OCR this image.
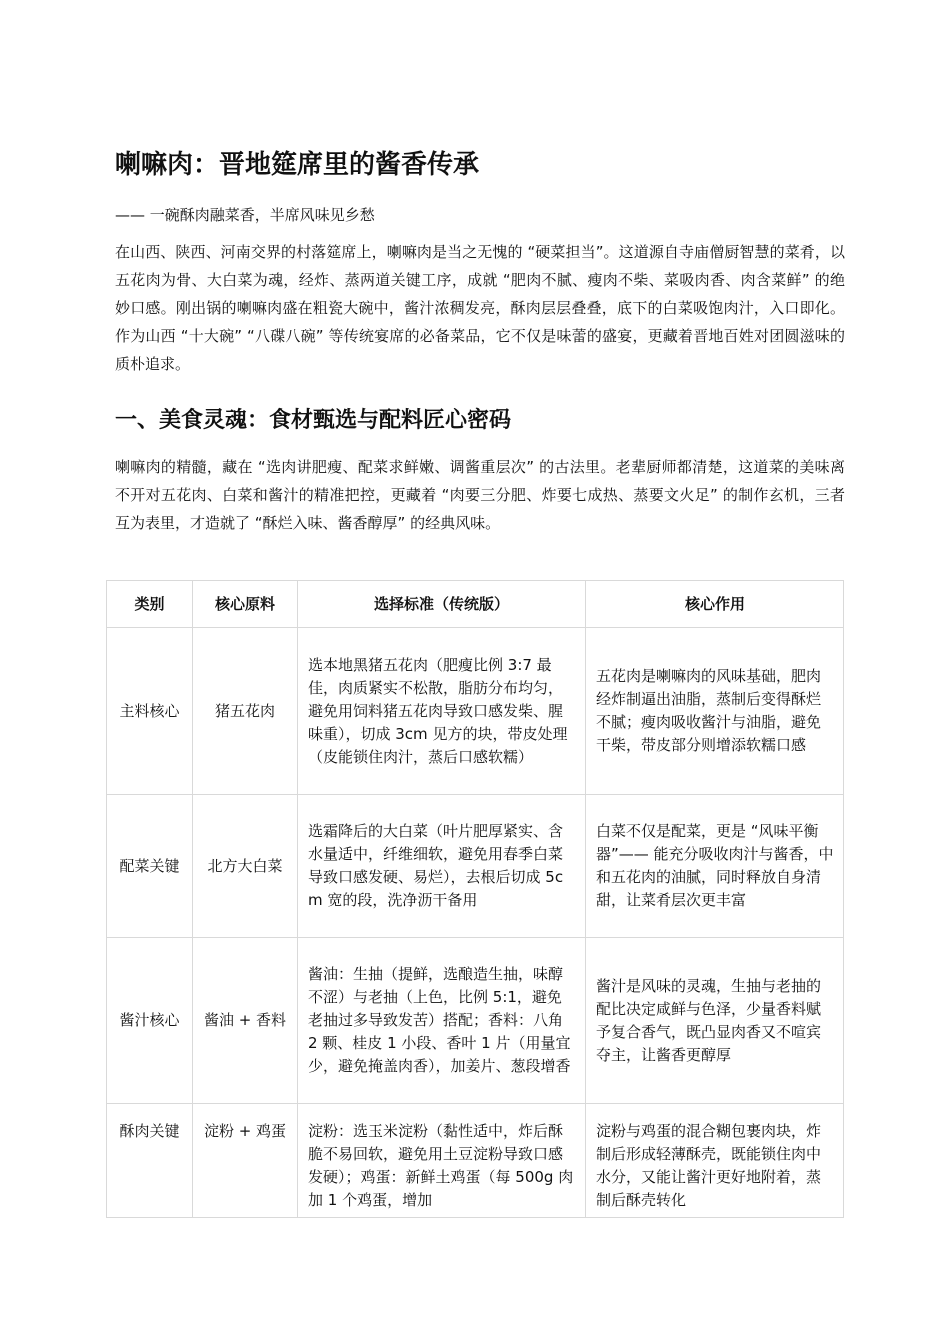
喇嘛肉：晋地筵席里的酱香传承

—— 一碗酥肉融菜香，半席风味见乡愁

在山西、陕西、河南交界的村落筵席上，喇嘛肉是当之无愧的 “硬菜担当”。这道源自寺庙僧厨智慧的菜肴，以五花肉为骨、大白菜为魂，经炸、蒸两道关键工序，成就 “肥肉不腻、瘦肉不柴、菜吸肉香、肉含菜鲜” 的绝妙口感。刚出锅的喇嘛肉盛在粗瓷大碗中，酱汁浓稠发亮，酥肉层层叠叠，底下的白菜吸饱肉汁，入口即化。作为山西 “十大碗” “八碟八碗” 等传统宴席的必备菜品，它不仅是味蕾的盛宴，更藏着晋地百姓对团圆滋味的质朴追求。

一、美食灵魂：食材甄选与配料匠心密码

喇嘛肉的精髓，藏在 “选肉讲肥瘦、配菜求鲜嫩、调酱重层次” 的古法里。老辈厨师都清楚，这道菜的美味离不开对五花肉、白菜和酱汁的精准把控，更藏着 “肉要三分肥、炸要七成热、蒸要文火足” 的制作玄机，三者互为表里，才造就了 “酥烂入味、酱香醇厚” 的经典风味。

类别	核心原料	选择标准（传统版）	核心作用
主料核心	猪五花肉	选本地黑猪五花肉（肥瘦比例 3:7 最佳，肉质紧实不松散，脂肪分布均匀，避免用饲料猪五花肉导致口感发柴、腥味重），切成 3cm 见方的块，带皮处理（皮能锁住肉汁，蒸后口感软糯）	五花肉是喇嘛肉的风味基础，肥肉经炸制逼出油脂，蒸制后变得酥烂不腻；瘦肉吸收酱汁与油脂，避免干柴，带皮部分则增添软糯口感
配菜关键	北方大白菜	选霜降后的大白菜（叶片肥厚紧实、含水量适中，纤维细软，避免用春季白菜导致口感发硬、易烂），去根后切成 5cm 宽的段，洗净沥干备用	白菜不仅是配菜，更是 “风味平衡器”—— 能充分吸收肉汁与酱香，中和五花肉的油腻，同时释放自身清甜，让菜肴层次更丰富
酱汁核心	酱油 + 香料	酱油：生抽（提鲜，选酿造生抽，味醇不涩）与老抽（上色，比例 5:1，避免老抽过多导致发苦）搭配；香料：八角 2 颗、桂皮 1 小段、香叶 1 片（用量宜少，避免掩盖肉香），加姜片、葱段增香	酱汁是风味的灵魂，生抽与老抽的配比决定咸鲜与色泽，少量香料赋予复合香气，既凸显肉香又不喧宾夺主，让酱香更醇厚
酥肉关键	淀粉 + 鸡蛋	淀粉：选玉米淀粉（黏性适中，炸后酥脆不易回软，避免用土豆淀粉导致口感发硬）；鸡蛋：新鲜土鸡蛋（每 500g 肉加 1 个鸡蛋，增加	淀粉与鸡蛋的混合糊包裹肉块，炸制后形成轻薄酥壳，既能锁住肉中水分，又能让酱汁更好地附着，蒸制后酥壳转化
